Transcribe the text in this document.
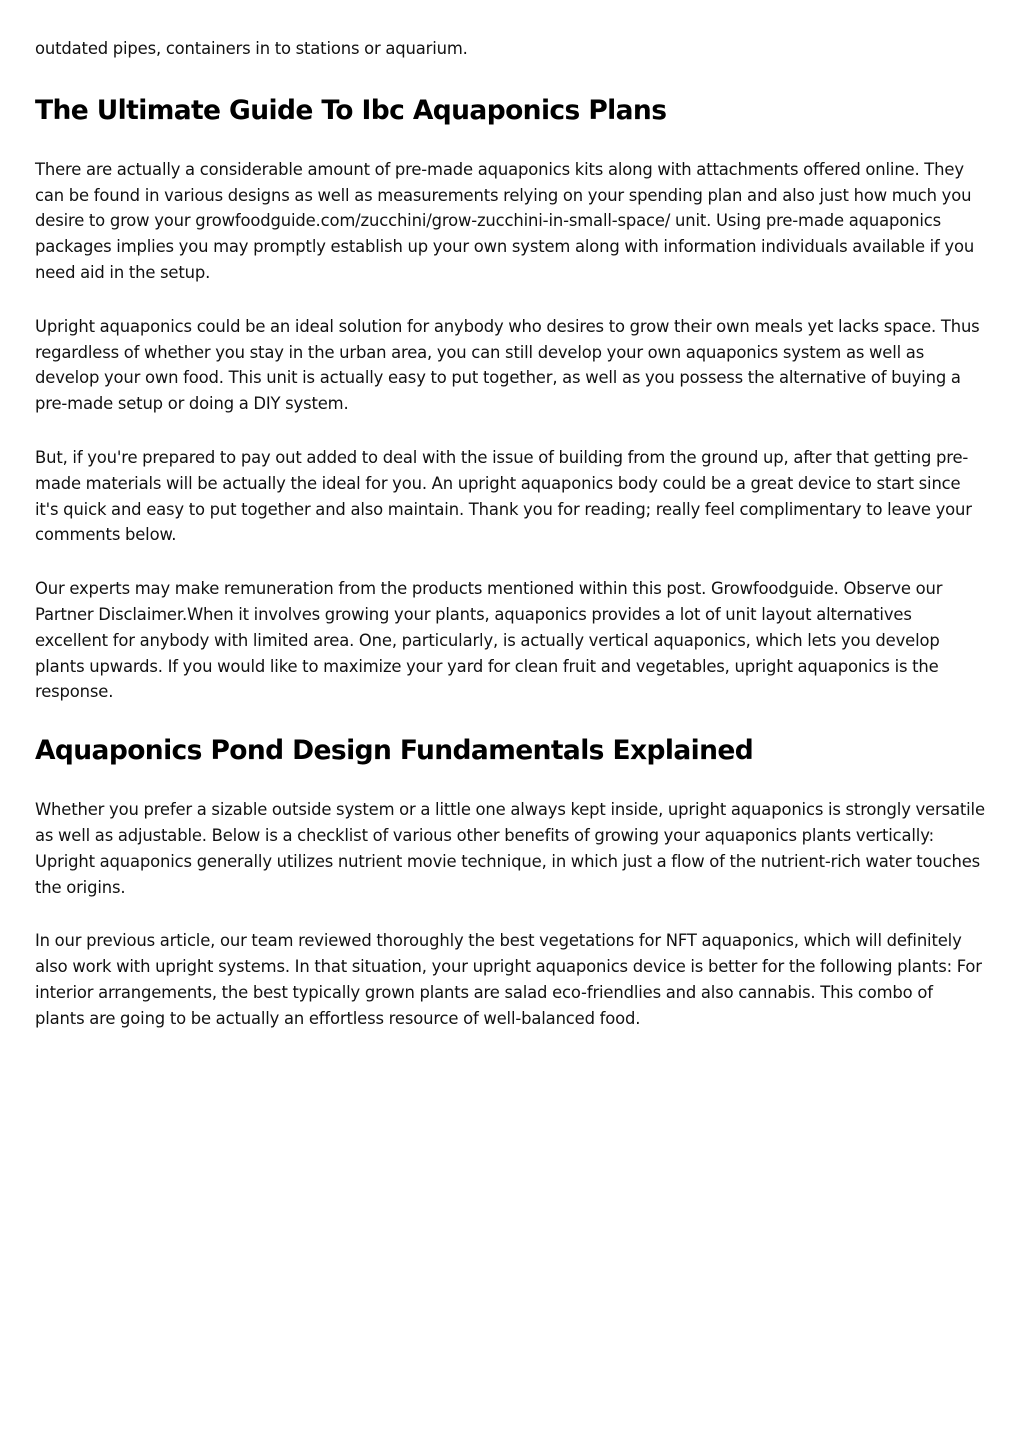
outdated pipes, containers in to stations or aquarium.

The Ultimate Guide To Ibc Aquaponics Plans

There are actually a considerable amount of pre-made aquaponics kits along with attachments offered online. They can be found in various designs as well as measurements relying on your spending plan and also just how much you desire to grow your growfoodguide.com/zucchini/grow-zucchini-in-small-space/ unit. Using pre-made aquaponics packages implies you may promptly establish up your own system along with information individuals available if you need aid in the setup.

Upright aquaponics could be an ideal solution for anybody who desires to grow their own meals yet lacks space. Thus regardless of whether you stay in the urban area, you can still develop your own aquaponics system as well as develop your own food. This unit is actually easy to put together, as well as you possess the alternative of buying a pre-made setup or doing a DIY system.

But, if you're prepared to pay out added to deal with the issue of building from the ground up, after that getting pre-made materials will be actually the ideal for you. An upright aquaponics body could be a great device to start since it's quick and easy to put together and also maintain. Thank you for reading; really feel complimentary to leave your comments below.

Our experts may make remuneration from the products mentioned within this post. Growfoodguide. Observe our Partner Disclaimer.When it involves growing your plants, aquaponics provides a lot of unit layout alternatives excellent for anybody with limited area. One, particularly, is actually vertical aquaponics, which lets you develop plants upwards. If you would like to maximize your yard for clean fruit and vegetables, upright aquaponics is the response.

Aquaponics Pond Design Fundamentals Explained

Whether you prefer a sizable outside system or a little one always kept inside, upright aquaponics is strongly versatile as well as adjustable. Below is a checklist of various other benefits of growing your aquaponics plants vertically: Upright aquaponics generally utilizes nutrient movie technique, in which just a flow of the nutrient-rich water touches the origins.

In our previous article, our team reviewed thoroughly the best vegetations for NFT aquaponics, which will definitely also work with upright systems. In that situation, your upright aquaponics device is better for the following plants: For interior arrangements, the best typically grown plants are salad eco-friendlies and also cannabis. This combo of plants are going to be actually an effortless resource of well-balanced food.
